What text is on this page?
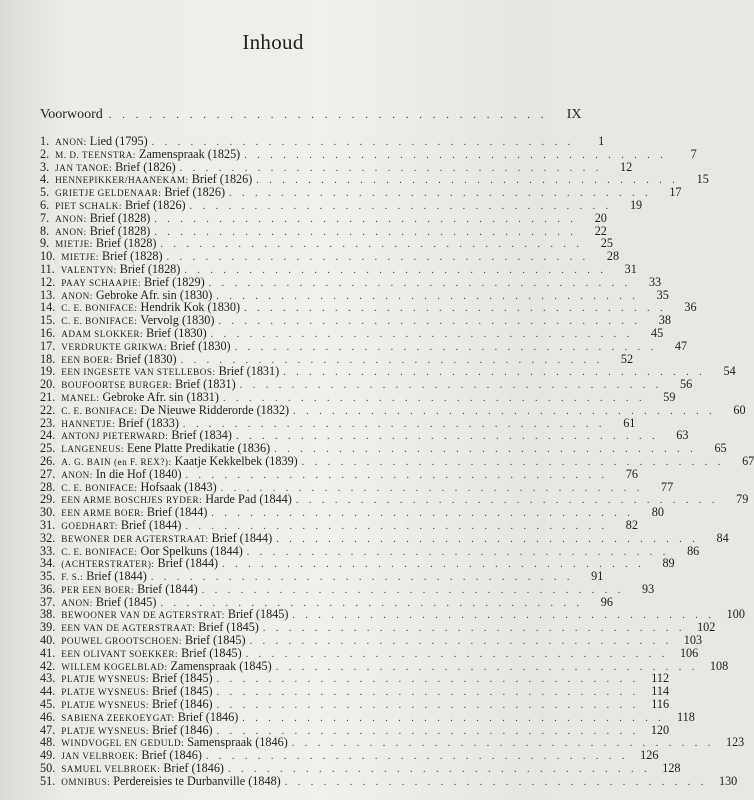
Inhoud
Voorwoord . . . . . . . . . . . . . . . . . . . . . . . . . . . . . . . . .	IX
1. ANON: Lied (1795) . . . . . . . . . . . . . . . . . . . . . . . . . . . . . . . . .	1
2. M. D. TEENSTRA: Zamenspraak (1825) . . . . . . . . . . . . . . . . . . . . . . . . . . . . . . . . .	7
3. JAN TANOE: Brief (1826) . . . . . . . . . . . . . . . . . . . . . . . . . . . . . . . . .	12
4. HENNEPIKKER/HAANEKAM: Brief (1826) . . . . . . . . . . . . . . . . . . . . . . . . . . . . . . . . .	15
5. GRIETJE GELDENAAR: Brief (1826) . . . . . . . . . . . . . . . . . . . . . . . . . . . . . . . . .	17
6. PIET SCHALK: Brief (1826) . . . . . . . . . . . . . . . . . . . . . . . . . . . . . . . . .	19
7. ANON: Brief (1828) . . . . . . . . . . . . . . . . . . . . . . . . . . . . . . . . .	20
8. ANON: Brief (1828) . . . . . . . . . . . . . . . . . . . . . . . . . . . . . . . . .	22
9. MIETJE: Brief (1828) . . . . . . . . . . . . . . . . . . . . . . . . . . . . . . . . .	25
10. MIETJE: Brief (1828) . . . . . . . . . . . . . . . . . . . . . . . . . . . . . . . . .	28
11. VALENTYN: Brief (1828) . . . . . . . . . . . . . . . . . . . . . . . . . . . . . . . . .	31
12. PAAY SCHAAPIE: Brief (1829) . . . . . . . . . . . . . . . . . . . . . . . . . . . . . . . . .	33
13. ANON: Gebroke Afr. sin (1830) . . . . . . . . . . . . . . . . . . . . . . . . . . . . . . . . .	35
14. C. E. BONIFACE: Hendrik Kok (1830) . . . . . . . . . . . . . . . . . . . . . . . . . . . . . . . . .	36
15. C. E. BONIFACE: Vervolg (1830) . . . . . . . . . . . . . . . . . . . . . . . . . . . . . . . . .	38
16. ADAM SLOKKER: Brief (1830) . . . . . . . . . . . . . . . . . . . . . . . . . . . . . . . . .	45
17. VERDRUKTE GRIKWA: Brief (1830) . . . . . . . . . . . . . . . . . . . . . . . . . . . . . . . . .	47
18. EEN BOER: Brief (1830) . . . . . . . . . . . . . . . . . . . . . . . . . . . . . . . . .	52
19. EEN INGESETE VAN STELLEBOS: Brief (1831) . . . . . . . . . . . . . . . . . . . . . . . . . . . . . . . . .	54
20. BOUFOORTSE BURGER: Brief (1831) . . . . . . . . . . . . . . . . . . . . . . . . . . . . . . . . .	56
21. MANEL: Gebroke Afr. sin (1831) . . . . . . . . . . . . . . . . . . . . . . . . . . . . . . . . .	59
22. C. E. BONIFACE: De Nieuwe Ridderorde (1832) . . . . . . . . . . . . . . . . . . . . . . . . . . . . . . . . .	60
23. HANNETJE: Brief (1833) . . . . . . . . . . . . . . . . . . . . . . . . . . . . . . . . .	61
24. ANTONJ PIETERWARD: Brief (1834) . . . . . . . . . . . . . . . . . . . . . . . . . . . . . . . . .	63
25. LANGENEUS: Eene Platte Predikatie (1836) . . . . . . . . . . . . . . . . . . . . . . . . . . . . . . . . .	65
26. A. G. BAIN (en F. REX?): Kaatje Kekkelbek (1839) . . . . . . . . . . . . . . . . . . . . . . . . . . . . . . . . .	67
27. ANON: In die Hof (1840) . . . . . . . . . . . . . . . . . . . . . . . . . . . . . . . . .	76
28. C. E. BONIFACE: Hofsaak (1843) . . . . . . . . . . . . . . . . . . . . . . . . . . . . . . . . .	77
29. EEN ARME BOSCHJES RYDER: Harde Pad (1844) . . . . . . . . . . . . . . . . . . . . . . . . . . . . . . . . .	79
30. EEN ARME BOER: Brief (1844) . . . . . . . . . . . . . . . . . . . . . . . . . . . . . . . . .	80
31. GOEDHART: Brief (1844) . . . . . . . . . . . . . . . . . . . . . . . . . . . . . . . . .	82
32. BEWONER DER AGTERSTRAAT: Brief (1844) . . . . . . . . . . . . . . . . . . . . . . . . . . . . . . . . .	84
33. C. E. BONIFACE: Oor Spelkuns (1844) . . . . . . . . . . . . . . . . . . . . . . . . . . . . . . . . .	86
34. (ACHTERSTRATER): Brief (1844) . . . . . . . . . . . . . . . . . . . . . . . . . . . . . . . . .	89
35. F. S.: Brief (1844) . . . . . . . . . . . . . . . . . . . . . . . . . . . . . . . . .	91
36. PER EEN BOER: Brief (1844) . . . . . . . . . . . . . . . . . . . . . . . . . . . . . . . . .	93
37. ANON: Brief (1845) . . . . . . . . . . . . . . . . . . . . . . . . . . . . . . . . .	96
38. BEWOONER VAN DE AGTERSTRAT: Brief (1845) . . . . . . . . . . . . . . . . . . . . . . . . . . . . . . . . . 100
39. EEN VAN DE AGTERSTRAAT: Brief (1845) . . . . . . . . . . . . . . . . . . . . . . . . . . . . . . . . . 102
40. POUWEL GROOTSCHOEN: Brief (1845) . . . . . . . . . . . . . . . . . . . . . . . . . . . . . . . . . 103
41. EEN OLIVANT SOEKKER: Brief (1845) . . . . . . . . . . . . . . . . . . . . . . . . . . . . . . . . . 106
42. WILLEM KOGELBLAD: Zamenspraak (1845) . . . . . . . . . . . . . . . . . . . . . . . . . . . . . . . . . 108
43. PLATJE WYSNEUS: Brief (1845) . . . . . . . . . . . . . . . . . . . . . . . . . . . . . . . . . 112
44. PLATJE WYSNEUS: Brief (1845) . . . . . . . . . . . . . . . . . . . . . . . . . . . . . . . . . 114
45. PLATJE WYSNEUS: Brief (1846) . . . . . . . . . . . . . . . . . . . . . . . . . . . . . . . . . 116
46. SABIENA ZEEKOEYGAT: Brief (1846) . . . . . . . . . . . . . . . . . . . . . . . . . . . . . . . . . 118
47. PLATJE WYSNEUS: Brief (1846) . . . . . . . . . . . . . . . . . . . . . . . . . . . . . . . . . 120
48. WINDVOGEL EN GEDULD: Samenspraak (1846) . . . . . . . . . . . . . . . . . . . . . . . . . . . . . . . . . 123
49. JAN VELBROEK: Brief (1846) . . . . . . . . . . . . . . . . . . . . . . . . . . . . . . . . . 126
50. SAMUEL VELBROEK: Brief (1846) . . . . . . . . . . . . . . . . . . . . . . . . . . . . . . . . . 128
51. OMNIBUS: Perdereisies te Durbanville (1848) . . . . . . . . . . . . . . . . . . . . . . . . . . . . . . . . . 130
